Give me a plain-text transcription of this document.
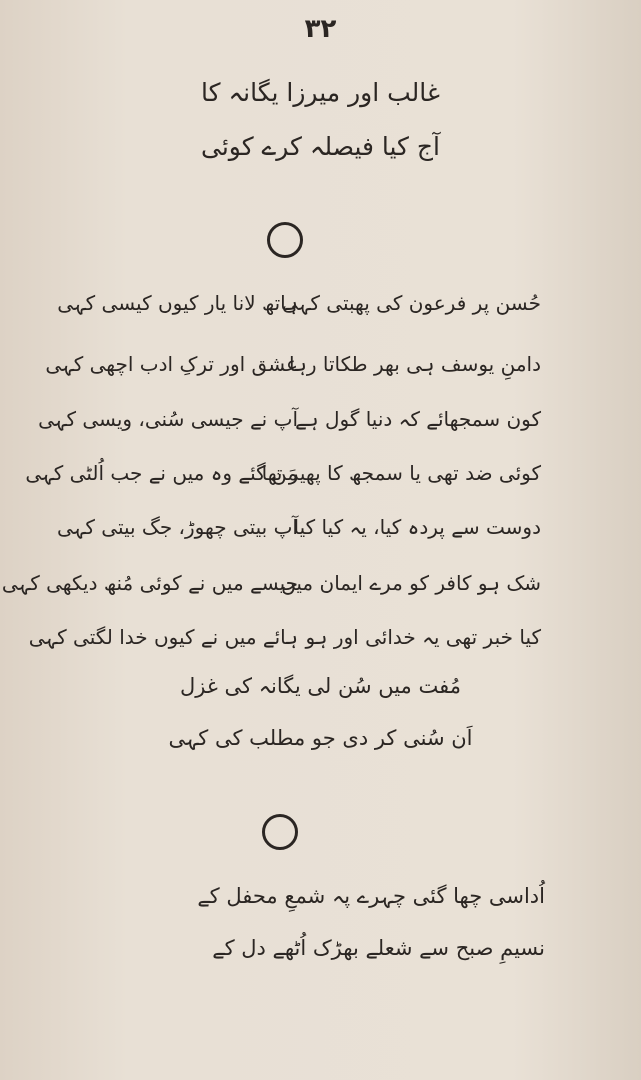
۳۲
غالب اور میرزا یگانہ کا
آج کیا فیصلہ کرے کوئی
حُسن پر فرعون کی پھبتی کہی
ہاتھ لانا یار کیوں کیسی کہی
دامنِ یوسف ہی بھر طکاتا رہا
عشق اور ترکِ ادب اچھی کہی
کون سمجھائے کہ دنیا گول ہے
آپ نے جیسی سُنی، ویسی کہی
کوئی ضد تھی یا سمجھ کا پھیر تھا
مَن گئے وہ میں نے جب اُلٹی کہی
دوست سے پردہ کیا، یہ کیا کیا
آپ بیتی چھوڑ، جگ بیتی کہی
شک ہو کافر کو مرے ایمان میں
جیسے میں نے کوئی مُنھ دیکھی کہی
کیا خبر تھی یہ خدائی اور ہو
ہائے میں نے کیوں خدا لگتی کہی
مُفت میں سُن لی یگانہ کی غزل
اَن سُنی کر دی جو مطلب کی کہی
اُداسی چھا گئی چہرے پہ شمعِ محفل کے
نسیمِ صبح سے شعلے بھڑک اُٹھے دل کے
